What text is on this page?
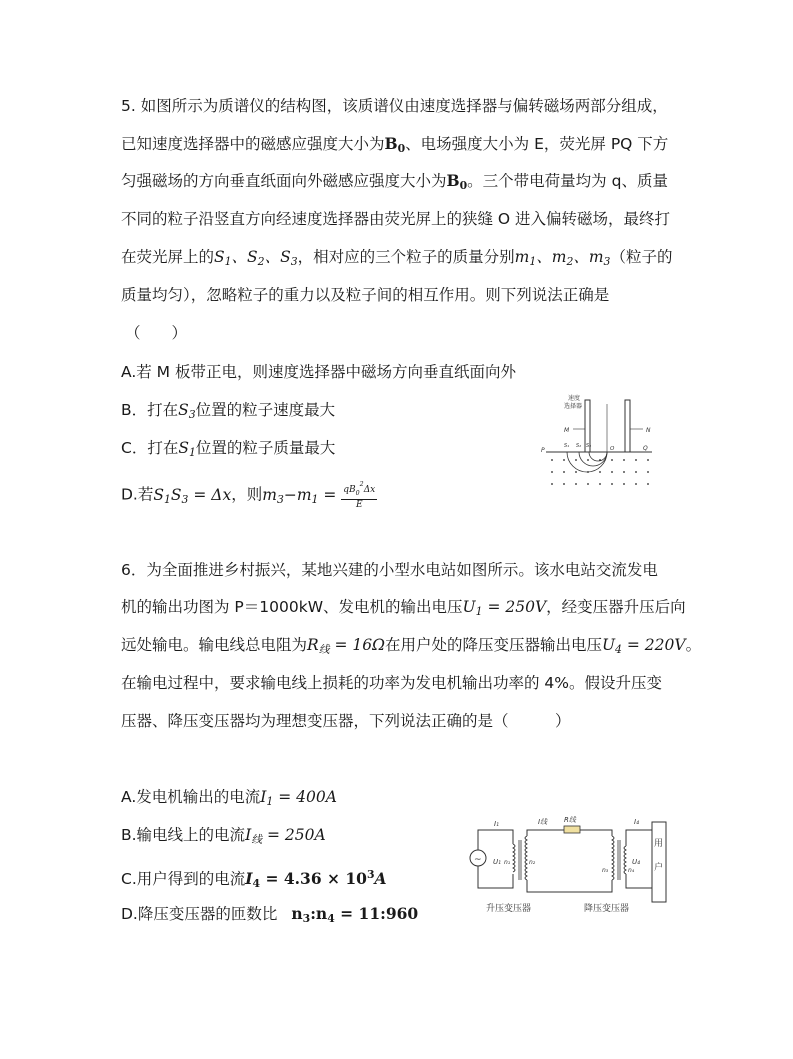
5. 如图所示为质谱仪的结构图，该质谱仪由速度选择器与偏转磁场两部分组成，
已知速度选择器中的磁感应强度大小为$B_0$、电场强度大小为 E，荧光屏 PQ 下方
匀强磁场的方向垂直纸面向外磁感应强度大小为$B_0$。三个带电荷量均为 q、质量
不同的粒子沿竖直方向经速度选择器由荧光屏上的狭缝 O 进入偏转磁场，最终打
在荧光屏上的$S_1$、$S_2$、$S_3$，相对应的三个粒子的质量分别$m_1$、$m_2$、$m_3$（粒子的
质量均匀），忽略粒子的重力以及粒子间的相互作用。则下列说法正确是
（　　）
A.若 M 板带正电，则速度选择器中磁场方向垂直纸面向外
B．打在$S_3$位置的粒子速度最大
C．打在$S_1$位置的粒子质量最大
D.若$S_1S_3 = \Delta x$，则$m_3-m_1 = \frac{qB_0^2\Delta x}{E}$
速度
选择器
M	N
P	Q
O
S₁ S₂ S₃
6．为全面推进乡村振兴，某地兴建的小型水电站如图所示。该水电站交流发电
机的输出功图为 P＝1000kW、发电机的输出电压$U_1 = 250V$，经变压器升压后向
远处输电。输电线总电阻为$R_线 = 16\Omega$在用户处的降压变压器输出电压$U_4 = 220V$。
在输电过程中，要求输电线上损耗的功率为发电机输出功率的 4%。假设升压变
压器、降压变压器均为理想变压器，下列说法正确的是（　　　）
A.发电机输出的电流$I_1 = 400A$
B.输电线上的电流$I_线 = 250A$
C.用户得到的电流$I_4 = 4.36 \times 10^3A$
D.降压变压器的匝数比 $n_3:n_4$ = 11:960
~
I₁
U₁ n₁	n₂
I线 R线
n₃	n₄
I₄
U₄
用
户
升压变压器	降压变压器
